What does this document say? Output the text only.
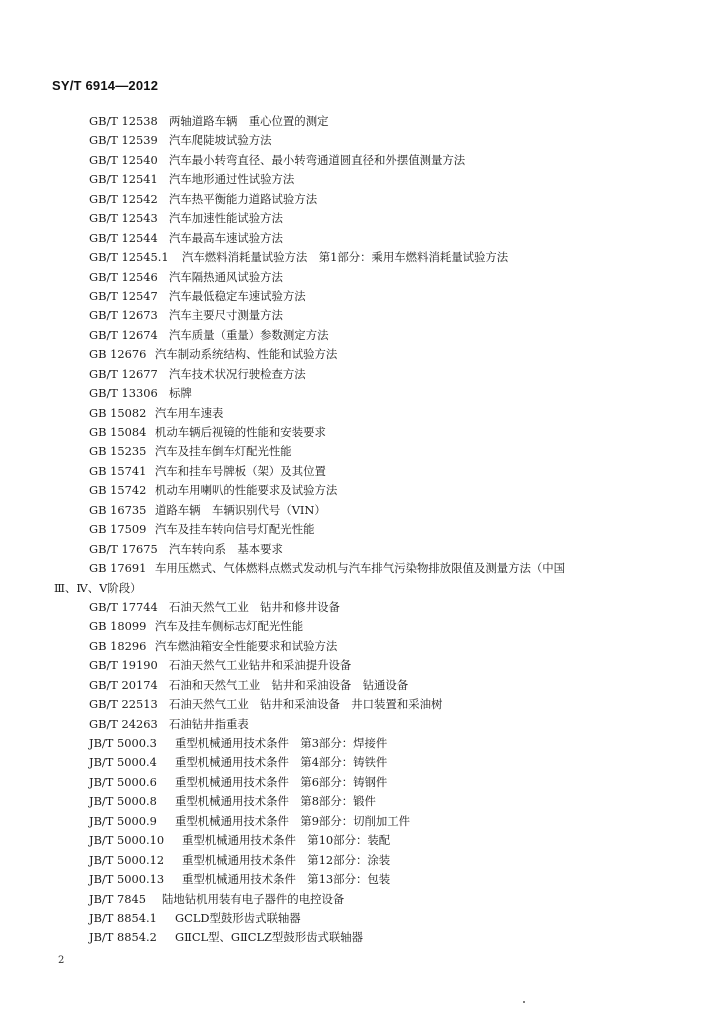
SY/T 6914—2012
GB/T 12538 两轴道路车辆　重心位置的测定
GB/T 12539 汽车爬陡坡试验方法
GB/T 12540 汽车最小转弯直径、最小转弯通道圆直径和外摆值测量方法
GB/T 12541 汽车地形通过性试验方法
GB/T 12542 汽车热平衡能力道路试验方法
GB/T 12543 汽车加速性能试验方法
GB/T 12544 汽车最高车速试验方法
GB/T 12545.1 汽车燃料消耗量试验方法　第1部分：乘用车燃料消耗量试验方法
GB/T 12546 汽车隔热通风试验方法
GB/T 12547 汽车最低稳定车速试验方法
GB/T 12673 汽车主要尺寸测量方法
GB/T 12674 汽车质量（重量）参数测定方法
GB 12676 汽车制动系统结构、性能和试验方法
GB/T 12677 汽车技术状况行驶检查方法
GB/T 13306 标牌
GB 15082 汽车用车速表
GB 15084 机动车辆后视镜的性能和安装要求
GB 15235 汽车及挂车倒车灯配光性能
GB 15741 汽车和挂车号牌板（架）及其位置
GB 15742 机动车用喇叭的性能要求及试验方法
GB 16735 道路车辆　车辆识别代号（VIN）
GB 17509 汽车及挂车转向信号灯配光性能
GB/T 17675 汽车转向系　基本要求
GB 17691 车用压燃式、气体燃料点燃式发动机与汽车排气污染物排放限值及测量方法（中国
Ⅲ、Ⅳ、Ⅴ阶段）
GB/T 17744 石油天然气工业　钻井和修井设备
GB 18099 汽车及挂车侧标志灯配光性能
GB 18296 汽车燃油箱安全性能要求和试验方法
GB/T 19190 石油天然气工业钻井和采油提升设备
GB/T 20174 石油和天然气工业　钻井和采油设备　钻通设备
GB/T 22513 石油天然气工业　钻井和采油设备　井口装置和采油树
GB/T 24263 石油钻井指重表
JB/T 5000.3 重型机械通用技术条件　第3部分：焊接件
JB/T 5000.4 重型机械通用技术条件　第4部分：铸铁件
JB/T 5000.6 重型机械通用技术条件　第6部分：铸钢件
JB/T 5000.8 重型机械通用技术条件　第8部分：锻件
JB/T 5000.9 重型机械通用技术条件　第9部分：切削加工件
JB/T 5000.10 重型机械通用技术条件　第10部分：装配
JB/T 5000.12 重型机械通用技术条件　第12部分：涂装
JB/T 5000.13 重型机械通用技术条件　第13部分：包装
JB/T 7845 陆地钻机用装有电子器件的电控设备
JB/T 8854.1 GCLD型鼓形齿式联轴器
JB/T 8854.2 GⅡCL型、GⅡCLZ型鼓形齿式联轴器
2
